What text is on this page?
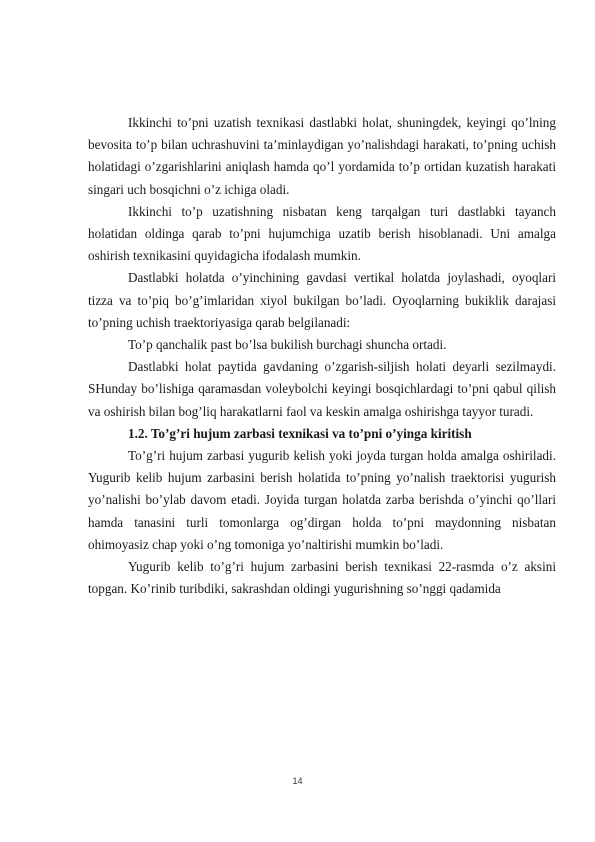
Ikkinchi to’pni uzatish texnikasi dastlabki holat, shuningdek, keyingi qo’lning bevosita to’p bilan uchrashuvini ta’minlaydigan yo’nalishdagi harakati, to’pning uchish holatidagi o’zgarishlarini aniqlash hamda qo’l yordamida to’p ortidan kuzatish harakati singari uch bosqichni o’z ichiga oladi.

Ikkinchi to’p uzatishning nisbatan keng tarqalgan turi dastlabki tayanch holatidan oldinga qarab to’pni hujumchiga uzatib berish hisoblanadi. Uni amalga oshirish texnikasini quyidagicha ifodalash mumkin.

Dastlabki holatda o’yinchining gavdasi vertikal holatda joylashadi, oyoqlari tizza va to’piq bo’g’imlaridan xiyol bukilgan bo’ladi. Oyoqlarning bukiklik darajasi to’pning uchish traektoriyasiga qarab belgilanadi:

To’p qanchalik past bo’lsa bukilish burchagi shuncha ortadi.

Dastlabki holat paytida gavdaning o’zgarish-siljish holati deyarli sezilmaydi. SHunday bo’lishiga qaramasdan voleybolchi keyingi bosqichlardagi to’pni qabul qilish va oshirish bilan bog’liq harakatlarni faol va keskin amalga oshirishga tayyor turadi.

1.2. To’g’ri hujum zarbasi texnikasi va to’pni o’yinga kiritish

To’g’ri hujum zarbasi yugurib kelish yoki joyda turgan holda amalga oshiriladi. Yugurib kelib hujum zarbasini berish holatida to’pning yo’nalish traektorisi yugurish yo’nalishi bo’ylab davom etadi. Joyida turgan holatda zarba berishda o’yinchi qo’llari hamda tanasini turli tomonlarga og’dirgan holda to’pni maydonning nisbatan ohimoyasiz chap yoki o’ng tomoniga yo’naltirishi mumkin bo’ladi.

Yugurib kelib to’g’ri hujum zarbasini berish texnikasi 22-rasmda o’z aksini topgan. Ko’rinib turibdiki, sakrashdan oldingi yugurishning so’nggi qadamida

14
